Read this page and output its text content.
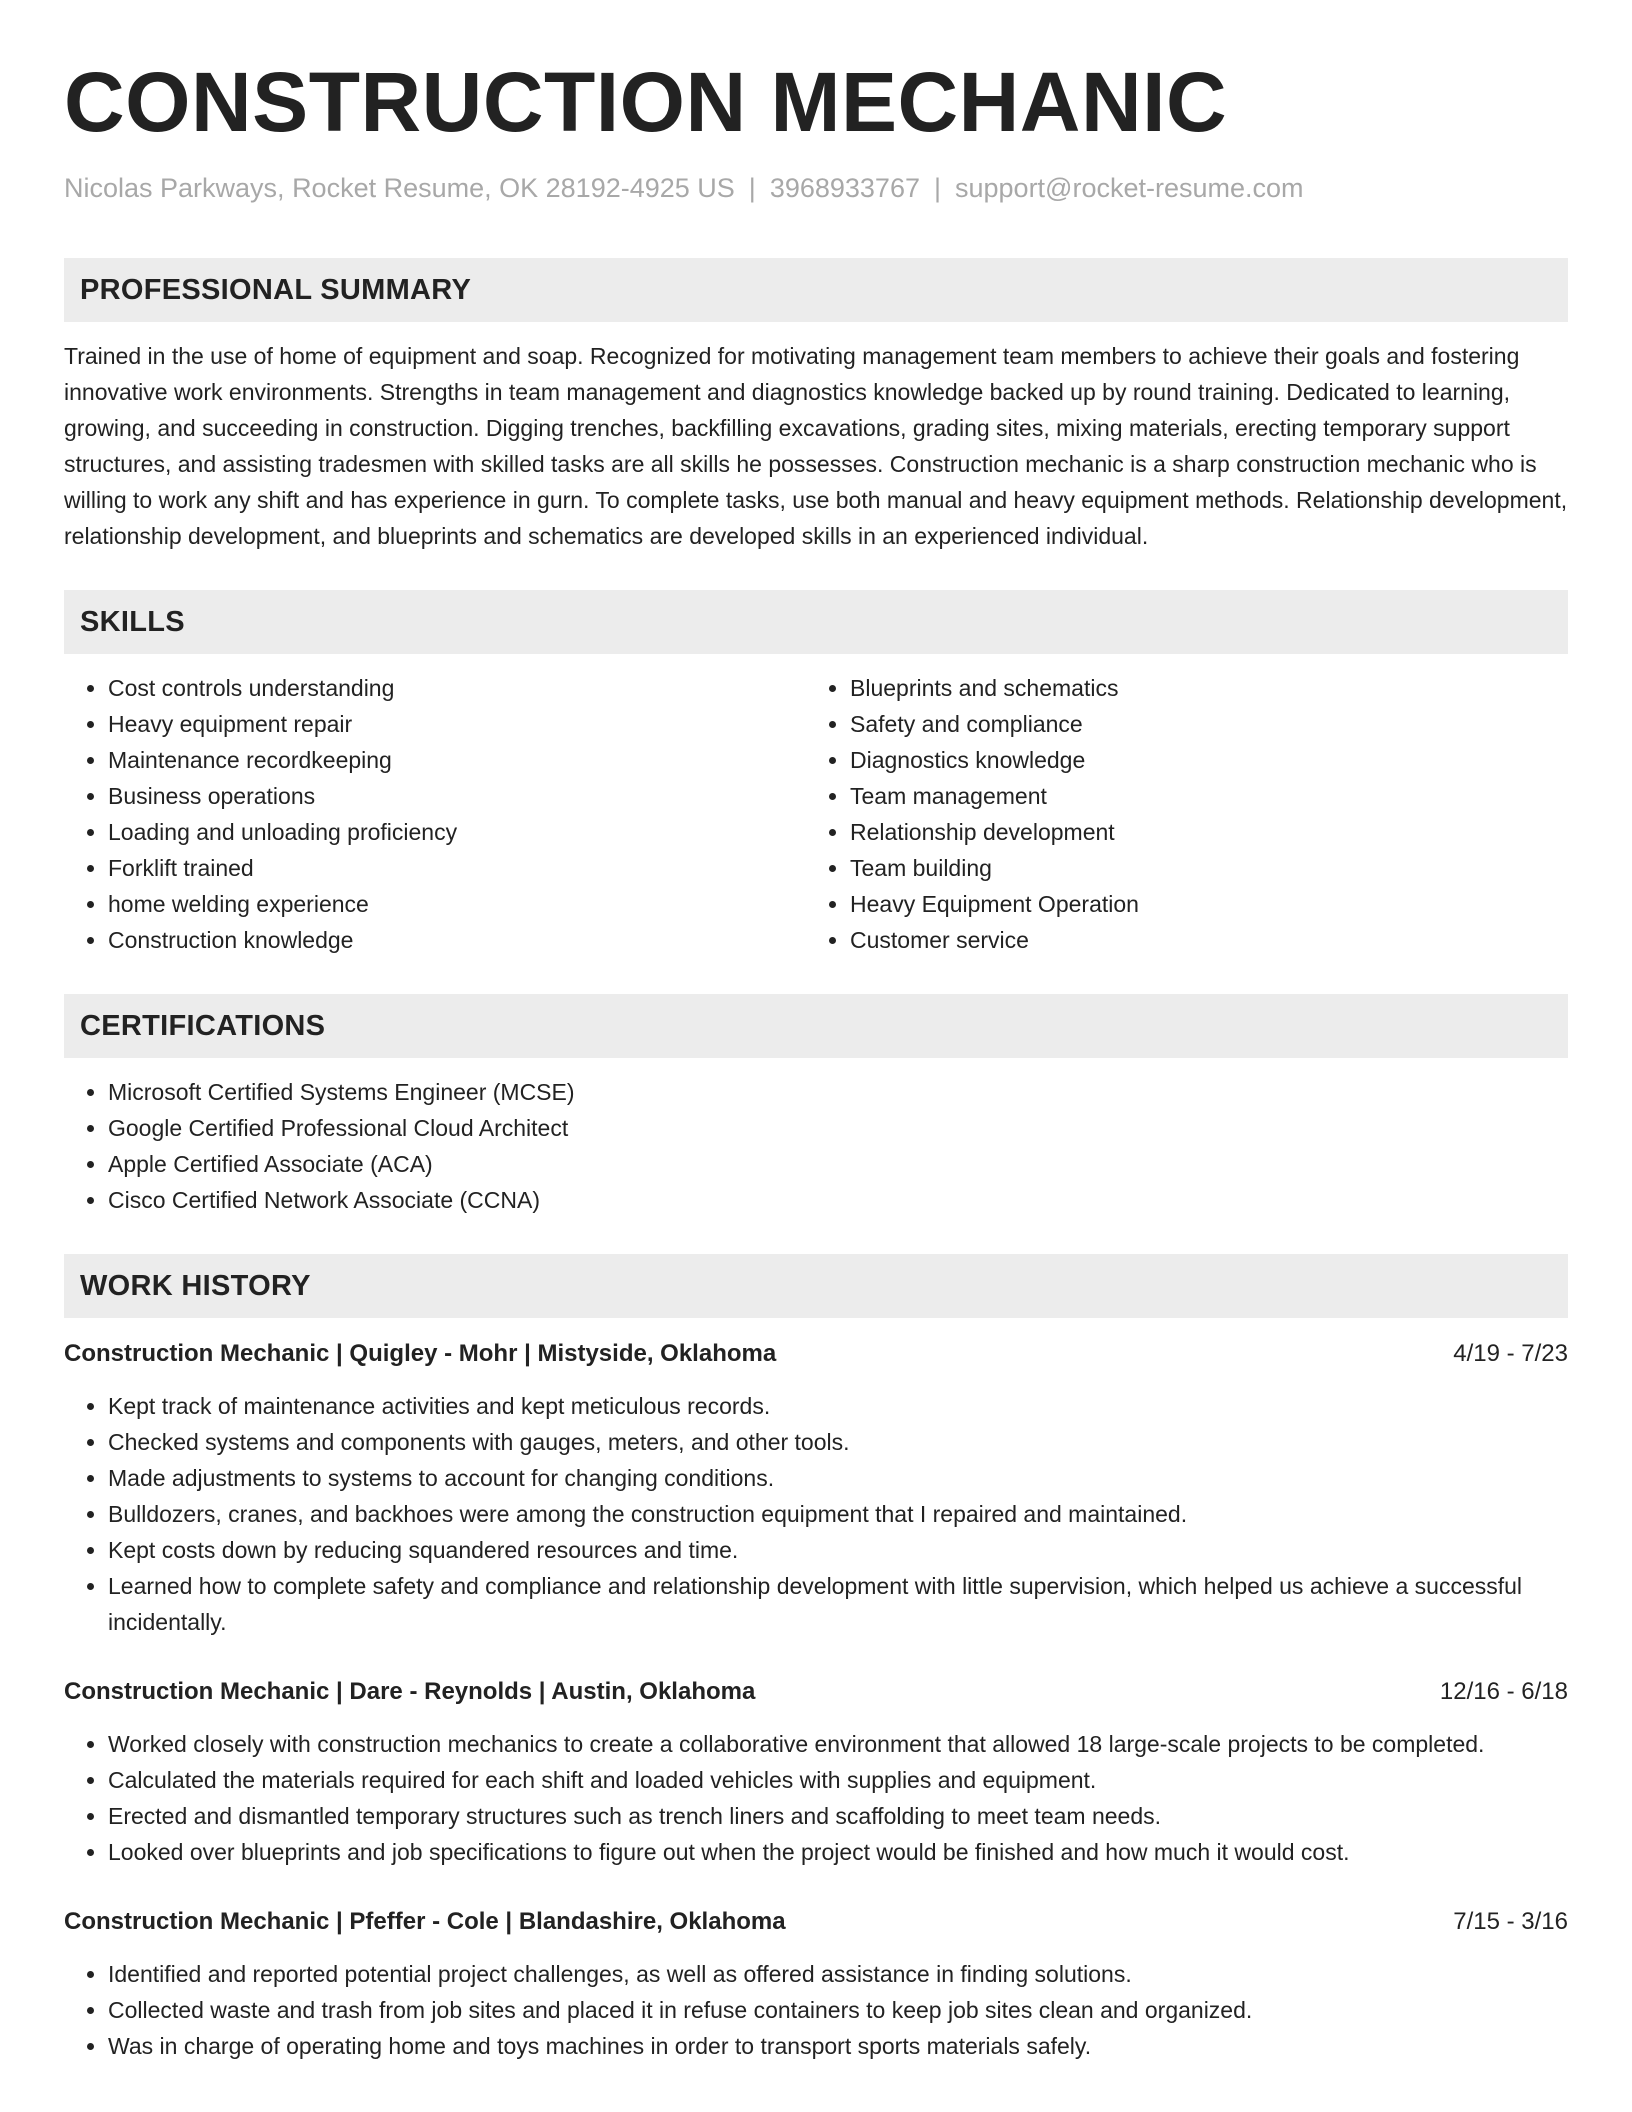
CONSTRUCTION MECHANIC
Nicolas Parkways, Rocket Resume, OK 28192-4925 US | 3968933767 | support@rocket-resume.com
PROFESSIONAL SUMMARY

Trained in the use of home of equipment and soap. Recognized for motivating management team members to achieve their goals and fostering innovative work environments. Strengths in team management and diagnostics knowledge backed up by round training. Dedicated to learning, growing, and succeeding in construction. Digging trenches, backfilling excavations, grading sites, mixing materials, erecting temporary support structures, and assisting tradesmen with skilled tasks are all skills he possesses. Construction mechanic is a sharp construction mechanic who is willing to work any shift and has experience in gurn. To complete tasks, use both manual and heavy equipment methods. Relationship development, relationship development, and blueprints and schematics are developed skills in an experienced individual.

SKILLS
• Cost controls understanding
• Heavy equipment repair
• Maintenance recordkeeping
• Business operations
• Loading and unloading proficiency
• Forklift trained
• home welding experience
• Construction knowledge
• Blueprints and schematics
• Safety and compliance
• Diagnostics knowledge
• Team management
• Relationship development
• Team building
• Heavy Equipment Operation
• Customer service
CERTIFICATIONS
• Microsoft Certified Systems Engineer (MCSE)
• Google Certified Professional Cloud Architect
• Apple Certified Associate (ACA)
• Cisco Certified Network Associate (CCNA)
WORK HISTORY
Construction Mechanic | Quigley - Mohr | Mistyside, Oklahoma	4/19 - 7/23
• Kept track of maintenance activities and kept meticulous records.
• Checked systems and components with gauges, meters, and other tools.
• Made adjustments to systems to account for changing conditions.
• Bulldozers, cranes, and backhoes were among the construction equipment that I repaired and maintained.
• Kept costs down by reducing squandered resources and time.
• Learned how to complete safety and compliance and relationship development with little supervision, which helped us achieve a successful incidentally.
Construction Mechanic | Dare - Reynolds | Austin, Oklahoma	12/16 - 6/18
• Worked closely with construction mechanics to create a collaborative environment that allowed 18 large-scale projects to be completed.
• Calculated the materials required for each shift and loaded vehicles with supplies and equipment.
• Erected and dismantled temporary structures such as trench liners and scaffolding to meet team needs.
• Looked over blueprints and job specifications to figure out when the project would be finished and how much it would cost.
Construction Mechanic | Pfeffer - Cole | Blandashire, Oklahoma	7/15 - 3/16
• Identified and reported potential project challenges, as well as offered assistance in finding solutions.
• Collected waste and trash from job sites and placed it in refuse containers to keep job sites clean and organized.
• Was in charge of operating home and toys machines in order to transport sports materials safely.
